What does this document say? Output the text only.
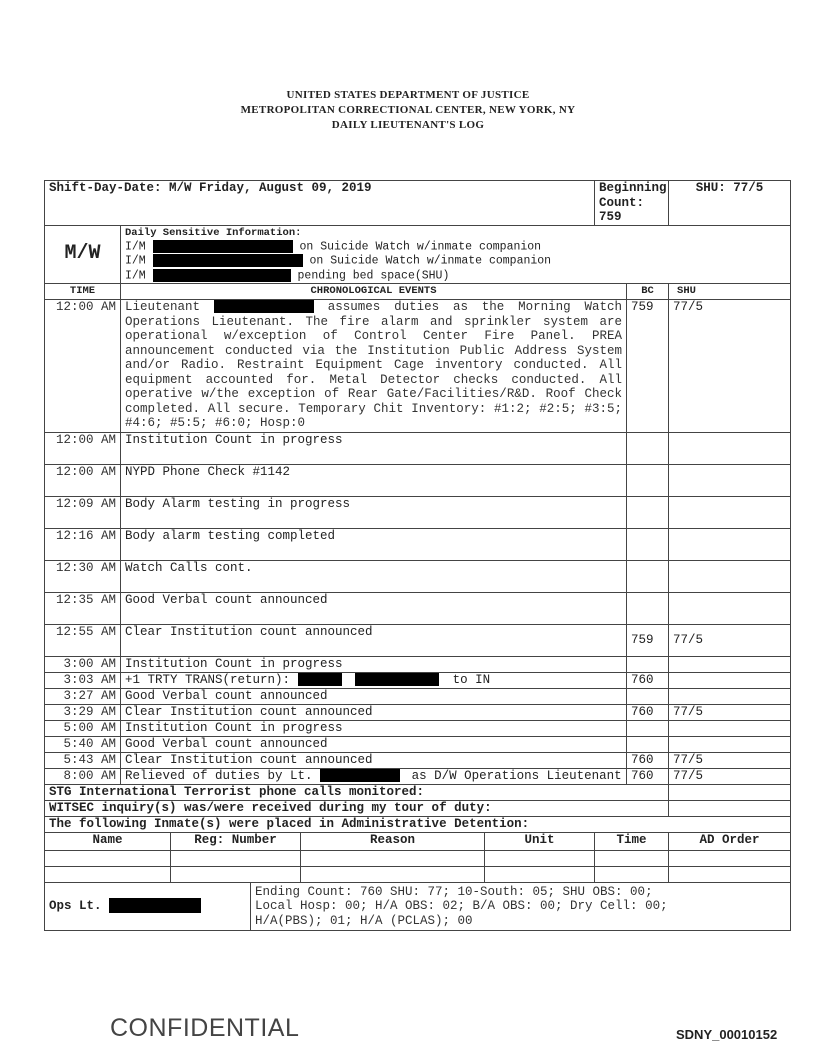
UNITED STATES DEPARTMENT OF JUSTICE
METROPOLITAN CORRECTIONAL CENTER, NEW YORK, NY
DAILY LIEUTENANT'S LOG
Shift-Day-Date: M/W Friday, August 09, 2019						Beginning Count: 759		SHU: 77/5
M/W	Daily Sensitive Information:
I/M on Suicide Watch w/inmate companion
I/M on Suicide Watch w/inmate companion
I/M pending bed space(SHU)							

TIME	CHRONOLOGICAL EVENTS						BC	SHU
12:00 AM	Lieutenant assumes duties as the Morning Watch Operations Lieutenant. The fire alarm and sprinkler system are operational w/exception of Control Center Fire Panel. PREA announcement conducted via the Institution Public Address System and/or Radio. Restraint Equipment Cage inventory conducted. All equipment accounted for. Metal Detector checks conducted. All operative w/the exception of Rear Gate/Facilities/R&D. Roof Check completed. All secure. Temporary Chit Inventory: #1:2; #2:5; #3:5; #4:6; #5:5; #6:0; Hosp:0						759	77/5
12:00 AM	Institution Count in progress							
12:00 AM	NYPD Phone Check #1142							
12:09 AM	Body Alarm testing in progress							
12:16 AM	Body alarm testing completed							
12:30 AM	Watch Calls cont.							
12:35 AM	Good Verbal count announced							
12:55 AM	Clear Institution count announced						759	77/5
3:00 AM	Institution Count in progress							
3:03 AM	+1 TRTY TRANS(return): to IN						760	
3:27 AM	Good Verbal count announced							
3:29 AM	Clear Institution count announced						760	77/5
5:00 AM	Institution Count in progress							
5:40 AM	Good Verbal count announced							
5:43 AM	Clear Institution count announced						760	77/5
8:00 AM	Relieved of duties by Lt. as D/W Operations Lieutenant						760	77/5
STG International Terrorist phone calls monitored:								
WITSEC inquiry(s) was/were received during my tour of duty:								
The following Inmate(s) were placed in Administrative Detention:								
Name		Reg: Number		Reason	Unit	Time		AD Order

Ops Lt.			Ending Count: 760 SHU: 77; 10-South: 05; SHU OBS: 00;
Local Hosp: 00; H/A OBS: 02; B/A OBS: 00; Dry Cell: 00;
H/A(PBS); 01; H/A (PCLAS); 00					
CONFIDENTIAL	SDNY_00010152
